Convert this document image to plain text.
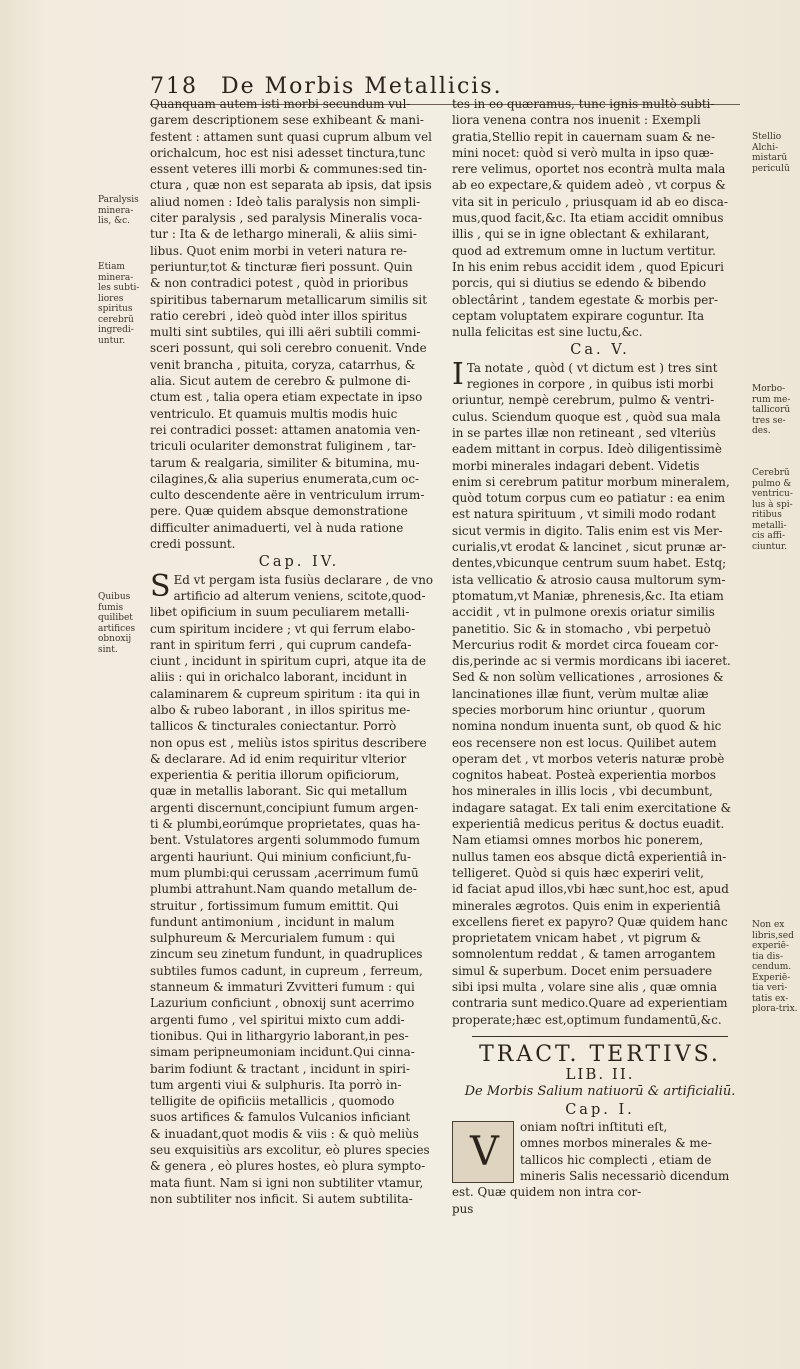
718 De Morbis Metallicis.
Paralysis minera-lis, &c.
Etiam minera-les subti-liores spiritus cerebrū ingredi-untur.
Quibus fumis quilibet artifices obnoxij sint.
Stellio Alchi-mistarū periculū
Morbo-rum me-tallicorū tres se-des.
Cerebrū pulmo & ventricu-lus à spi-ritibus metalli-cis affi-ciuntur.
Non ex libris,sed experiē-tia dis-cendum. Experiē-tia veri-tatis ex-plora-trix.
Quanquam autem isti morbi secundum vul-
garem descriptionem sese exhibeant & mani-
festent : attamen sunt quasi cuprum album vel
orichalcum, hoc est nisi adesset tinctura,tunc
essent veteres illi morbi & communes:sed tin-
ctura , quæ non est separata ab ipsis, dat ipsis
aliud nomen : Ideò talis paralysis non simpli-
citer paralysis , sed paralysis Mineralis voca-
tur : Ita & de lethargo minerali, & aliis simi-
libus. Quot enim morbi in veteri natura re-
periuntur,tot & tincturæ fieri possunt. Quin
& non contradici potest , quòd in prioribus
spiritibus tabernarum metallicarum similis sit
ratio cerebri , ideò quòd inter illos spiritus
multi sint subtiles, qui illi aëri subtili commi-
sceri possunt, qui soli cerebro conuenit. Vnde
venit brancha , pituita, coryza, catarrhus, &
alia. Sicut autem de cerebro & pulmone di-
ctum est , talia opera etiam expectate in ipso
ventriculo. Et quamuis multis modis huic
rei contradici posset: attamen anatomia ven-
triculi oculariter demonstrat fuliginem , tar-
tarum & realgaria, similiter & bitumina, mu-
cilagines,& alia superius enumerata,cum oc-
culto descendente aëre in ventriculum irrum-
pere. Quæ quidem absque demonstratione
difficulter animaduerti, vel à nuda ratione
credi possunt.
Cap. IV.
S Ed vt pergam ista fusiùs declarare , de vno
artificio ad alterum veniens, scitote,quod-
libet opificium in suum peculiarem metalli-
cum spiritum incidere ; vt qui ferrum elabo-
rant in spiritum ferri , qui cuprum candefa-
ciunt , incidunt in spiritum cupri, atque ita de
aliis : qui in orichalco laborant, incidunt in
calaminarem & cupreum spiritum : ita qui in
albo & rubeo laborant , in illos spiritus me-
tallicos & tincturales coniectantur. Porrò
non opus est , meliùs istos spiritus describere
& declarare. Ad id enim requiritur vlterior
experientia & peritia illorum opificiorum,
quæ in metallis laborant. Sic qui metallum
argenti discernunt,concipiunt fumum argen-
ti & plumbi,eorúmque proprietates, quas ha-
bent. Vstulatores argenti solummodo fumum
argenti hauriunt. Qui minium conficiunt,fu-
mum plumbi:qui cerussam ,acerrimum fumū
plumbi attrahunt.Nam quando metallum de-
struitur , fortissimum fumum emittit. Qui
fundunt antimonium , incidunt in malum
sulphureum & Mercurialem fumum : qui
zincum seu zinetum fundunt, in quadruplices
subtiles fumos cadunt, in cupreum , ferreum,
stanneum & immaturi Zvvitteri fumum : qui
Lazurium conficiunt , obnoxij sunt acerrimo
argenti fumo , vel spiritui mixto cum addi-
tionibus. Qui in lithargyrio laborant,in pes-
simam peripneumoniam incidunt.Qui cinna-
barim fodiunt & tractant , incidunt in spiri-
tum argenti viui & sulphuris. Ita porrò in-
telligite de opificiis metallicis , quomodo
suos artifices & famulos Vulcanios inficiant
& inuadant,quot modis & viis : & quò meliùs
seu exquisitiùs ars excolitur, eò plures species
& genera , eò plures hostes, eò plura sympto-
mata fiunt. Nam si igni non subtiliter vtamur,
non subtiliter nos inficit. Si autem subtilita-
tes in eo quæramus, tunc ignis multò subti-
liora venena contra nos inuenit : Exempli
gratia,Stellio repit in cauernam suam & ne-
mini nocet: quòd si verò multa in ipso quæ-
rere velimus, oportet nos econtrà multa mala
ab eo expectare,& quidem adeò , vt corpus &
vita sit in periculo , priusquam id ab eo disca-
mus,quod facit,&c. Ita etiam accidit omnibus
illis , qui se in igne oblectant & exhilarant,
quod ad extremum omne in luctum vertitur.
In his enim rebus accidit idem , quod Epicuri
porcis, qui si diutius se edendo & bibendo
oblectârint , tandem egestate & morbis per-
ceptam voluptatem expirare coguntur. Ita
nulla felicitas est sine luctu,&c.
Ca. V.
I Ta notate , quòd ( vt dictum est ) tres sint
regiones in corpore , in quibus isti morbi
oriuntur, nempè cerebrum, pulmo & ventri-
culus. Sciendum quoque est , quòd sua mala
in se partes illæ non retineant , sed vlteriùs
eadem mittant in corpus. Ideò diligentissimè
morbi minerales indagari debent. Videtis
enim si cerebrum patitur morbum mineralem,
quòd totum corpus cum eo patiatur : ea enim
est natura spirituum , vt simili modo rodant
sicut vermis in digito. Talis enim est vis Mer-
curialis,vt erodat & lancinet , sicut prunæ ar-
dentes,vbicunque centrum suum habet. Estq;
ista vellicatio & atrosio causa multorum sym-
ptomatum,vt Maniæ, phrenesis,&c. Ita etiam
accidit , vt in pulmone orexis oriatur similis
panetitio. Sic & in stomacho , vbi perpetuò
Mercurius rodit & mordet circa foueam cor-
dis,perinde ac si vermis mordicans ibi iaceret.
Sed & non solùm vellicationes , arrosiones &
lancinationes illæ fiunt, verùm multæ aliæ
species morborum hinc oriuntur , quorum
nomina nondum inuenta sunt, ob quod & hic
eos recensere non est locus. Quilibet autem
operam det , vt morbos veteris naturæ probè
cognitos habeat. Posteà experientia morbos
hos minerales in illis locis , vbi decumbunt,
indagare satagat. Ex tali enim exercitatione &
experientiâ medicus peritus & doctus euadit.
Nam etiamsi omnes morbos hic ponerem,
nullus tamen eos absque dictâ experientiâ in-
telligeret. Quòd si quis hæc experiri velit,
id faciat apud illos,vbi hæc sunt,hoc est, apud
minerales ægrotos. Quis enim in experientiâ
excellens fieret ex papyro? Quæ quidem hanc
proprietatem vnicam habet , vt pigrum &
somnolentum reddat , & tamen arrogantem
simul & superbum. Docet enim persuadere
sibi ipsi multa , volare sine alis , quæ omnia
contraria sunt medico.Quare ad experientiam
properate;hæc est,optimum fundamentū,&c.
TRACT. TERTIVS.
LIB. II.
De Morbis Salium natiuorū & artificialiū.
Cap. I.
V
oniam noſtri inſtituti eſt,
omnes morbos minerales & me-
tallicos hic complecti , etiam de
mineris Salis necessariò dicendum
est. Quæ quidem non intra cor-
pus
